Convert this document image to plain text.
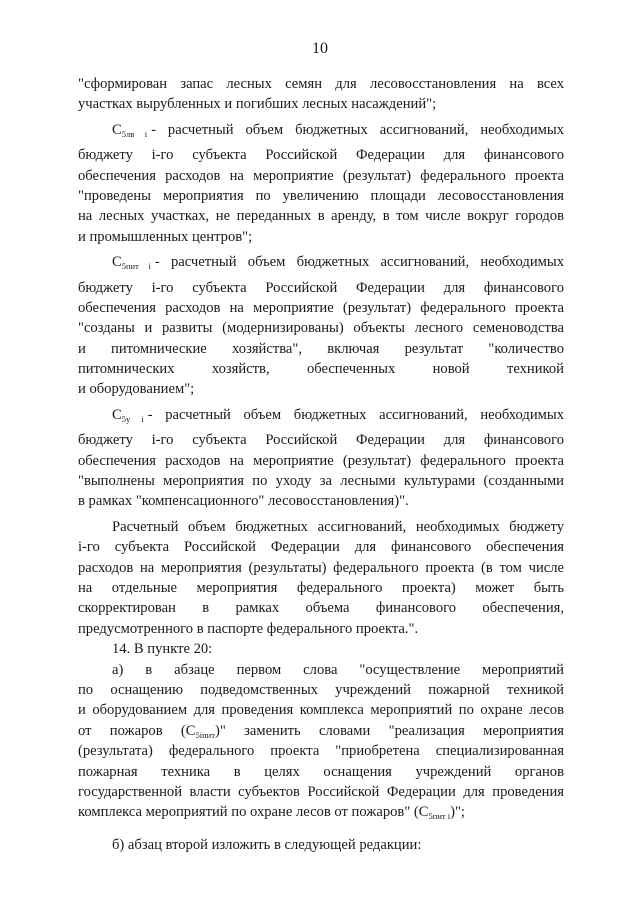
10
"сформирован запас лесных семян для лесовосстановления на всех
участках вырубленных и погибших лесных насаждений";
$C_{5лв i}$ - расчетный объем бюджетных ассигнований, необходимых
бюджету i-го субъекта Российской Федерации для финансового
обеспечения расходов на мероприятие (результат) федерального проекта
"проведены мероприятия по увеличению площади лесовосстановления
на лесных участках, не переданных в аренду, в том числе вокруг городов
и промышленных центров";
$C_{5пит i}$ - расчетный объем бюджетных ассигнований, необходимых
бюджету i-го субъекта Российской Федерации для финансового
обеспечения расходов на мероприятие (результат) федерального проекта
"созданы и развиты (модернизированы) объекты лесного семеноводства
и питомнические хозяйства", включая результат "количество
питомнических хозяйств, обеспеченных новой техникой
и оборудованием";
$C_{5у i}$ - расчетный объем бюджетных ассигнований, необходимых
бюджету i-го субъекта Российской Федерации для финансового
обеспечения расходов на мероприятие (результат) федерального проекта
"выполнены мероприятия по уходу за лесными культурами (созданными
в рамках "компенсационного" лесовосстановления)".
Расчетный объем бюджетных ассигнований, необходимых бюджету
i-го субъекта Российской Федерации для финансового обеспечения
расходов на мероприятия (результаты) федерального проекта (в том числе
на отдельные мероприятия федерального проекта) может быть
скорректирован в рамках объема финансового обеспечения,
предусмотренного в паспорте федерального проекта.".
14. В пункте 20:
а) в абзаце первом слова "осуществление мероприятий
по оснащению подведомственных учреждений пожарной техникой
и оборудованием для проведения комплекса мероприятий по охране лесов
от пожаров $(C_{5iпит})$" заменить словами "реализация мероприятия
(результата) федерального проекта "приобретена специализированная
пожарная техника в целях оснащения учреждений органов
государственной власти субъектов Российской Федерации для проведения
комплекса мероприятий по охране лесов от пожаров" $(C_{5пит i})$";
б) абзац второй изложить в следующей редакции:
